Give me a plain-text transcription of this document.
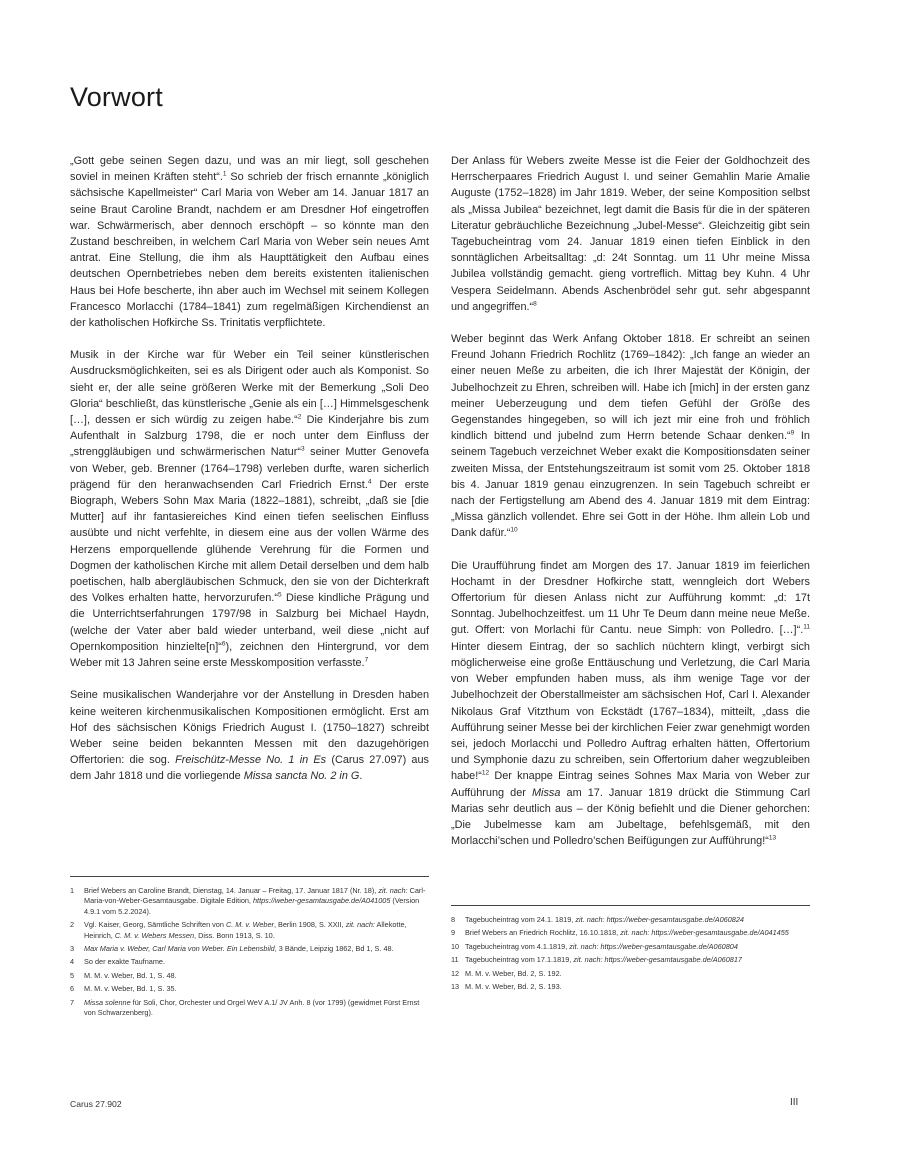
Vorwort

„Gott gebe seinen Segen dazu, und was an mir liegt, soll geschehen soviel in meinen Kräften steht“.$^1$ So schrieb der frisch ernannte „königlich sächsische Kapellmeister“ Carl Maria von Weber am 14. Januar 1817 an seine Braut Caroline Brandt, nachdem er am Dresdner Hof eingetroffen war. Schwärmerisch, aber dennoch erschöpft – so könnte man den Zustand beschreiben, in welchem Carl Maria von Weber sein neues Amt antrat. Eine Stellung, die ihm als Haupttätigkeit den Aufbau eines deutschen Opernbetriebes neben dem bereits existenten italienischen Haus bei Hofe bescherte, ihn aber auch im Wechsel mit seinem Kollegen Francesco Morlacchi (1784–1841) zum regelmäßigen Kirchendienst an der katholischen Hofkirche Ss. Trinitatis verpflichtete.

Musik in der Kirche war für Weber ein Teil seiner künstlerischen Ausdrucksmöglichkeiten, sei es als Dirigent oder auch als Komponist. So sieht er, der alle seine größeren Werke mit der Bemerkung „Soli Deo Gloria“ beschließt, das künstlerische „Genie als ein […] Himmelsgeschenk […], dessen er sich würdig zu zeigen habe.“$^2$ Die Kinderjahre bis zum Aufenthalt in Salzburg 1798, die er noch unter dem Einfluss der „strenggläubigen und schwärmerischen Natur“$^3$ seiner Mutter Genovefa von Weber, geb. Brenner (1764–1798) verleben durfte, waren sicherlich prägend für den heranwachsenden Carl Friedrich Ernst.$^4$ Der erste Biograph, Webers Sohn Max Maria (1822–1881), schreibt, „daß sie [die Mutter] auf ihr fantasiereiches Kind einen tiefen seelischen Einfluss ausübte und nicht verfehlte, in diesem eine aus der vollen Wärme des Herzens emporquellende glühende Verehrung für die Formen und Dogmen der katholischen Kirche mit allem Detail derselben und dem halb poetischen, halb abergläubischen Schmuck, den sie von der Dichterkraft des Volkes erhalten hatte, hervorzurufen.“$^5$ Diese kindliche Prägung und die Unterrichtserfahrungen 1797/98 in Salzburg bei Michael Haydn, (welche der Vater aber bald wieder unterband, weil diese „nicht auf Opernkomposition hinzielte[n]“$^6$), zeichnen den Hintergrund, vor dem Weber mit 13 Jahren seine erste Messkomposition verfasste.$^7$

Seine musikalischen Wanderjahre vor der Anstellung in Dresden haben keine weiteren kirchenmusikalischen Kompositionen ermöglicht. Erst am Hof des sächsischen Königs Friedrich August I. (1750–1827) schreibt Weber seine beiden bekannten Messen mit den dazugehörigen Offertorien: die sog. Freischütz-Messe No. 1 in Es (Carus 27.097) aus dem Jahr 1818 und die vorliegende Missa sancta No. 2 in G.

Der Anlass für Webers zweite Messe ist die Feier der Goldhochzeit des Herrscherpaares Friedrich August I. und seiner Gemahlin Marie Amalie Auguste (1752–1828) im Jahr 1819. Weber, der seine Komposition selbst als „Missa Jubilea“ bezeichnet, legt damit die Basis für die in der späteren Literatur gebräuchliche Bezeichnung „Jubel-Messe“. Gleichzeitig gibt sein Tagebucheintrag vom 24. Januar 1819 einen tiefen Einblick in den sonntäglichen Arbeitsalltag: „d: 24t Sonntag. um 11 Uhr meine Missa Jubilea vollständig gemacht. gieng vortreflich. Mittag bey Kuhn. 4 Uhr Vespera Seidelmann. Abends Aschenbrödel sehr gut. sehr abgespannt und angegriffen.“$^8$

Weber beginnt das Werk Anfang Oktober 1818. Er schreibt an seinen Freund Johann Friedrich Rochlitz (1769–1842): „Ich fange an wieder an einer neuen Meße zu arbeiten, die ich Ihrer Majestät der Königin, der Jubelhochzeit zu Ehren, schreiben will. Habe ich [mich] in der ersten ganz meiner Ueberzeugung und dem tiefen Gefühl der Größe des Gegenstandes hingegeben, so will ich jezt mir eine froh und fröhlich kindlich bittend und jubelnd zum Herrn betende Schaar denken.“$^9$ In seinem Tagebuch verzeichnet Weber exakt die Kompositionsdaten seiner zweiten Missa, der Entstehungszeitraum ist somit vom 25. Oktober 1818 bis 4. Januar 1819 genau einzugrenzen. In sein Tagebuch schreibt er nach der Fertigstellung am Abend des 4. Januar 1819 mit dem Eintrag: „Missa gänzlich vollendet. Ehre sei Gott in der Höhe. Ihm allein Lob und Dank dafür.“$^{10}$

Die Uraufführung findet am Morgen des 17. Januar 1819 im feierlichen Hochamt in der Dresdner Hofkirche statt, wenngleich dort Webers Offertorium für diesen Anlass nicht zur Aufführung kommt: „d: 17t Sonntag. Jubelhochzeitfest. um 11 Uhr Te Deum dann meine neue Meße. gut. Offert: von Morlachi für Cantu. neue Simph: von Polledro. […]“.$^{11}$ Hinter diesem Eintrag, der so sachlich nüchtern klingt, verbirgt sich möglicherweise eine große Enttäuschung und Verletzung, die Carl Maria von Weber empfunden haben muss, als ihm wenige Tage vor der Jubelhochzeit der Oberstallmeister am sächsischen Hof, Carl I. Alexander Nikolaus Graf Vitzthum von Eckstädt (1767–1834), mitteilt, „dass die Aufführung seiner Messe bei der kirchlichen Feier zwar genehmigt worden sei, jedoch Morlacchi und Polledro Auftrag erhalten hätten, Offertorium und Symphonie dazu zu schreiben, sein Offertorium daher wegzubleiben habe!“$^{12}$ Der knappe Eintrag seines Sohnes Max Maria von Weber zur Aufführung der Missa am 17. Januar 1819 drückt die Stimmung Carl Marias sehr deutlich aus – der König befiehlt und die Diener gehorchen: „Die Jubelmesse kam am Jubeltage, befehlsgemäß, mit den Morlacchi’schen und Polledro’schen Beifügungen zur Aufführung!“$^{13}$

1	Brief Webers an Caroline Brandt, Dienstag, 14. Januar – Freitag, 17. Januar 1817 (Nr. 18), zit. nach: Carl-Maria-von-Weber-Gesamtausgabe. Digitale Edition, https://weber-gesamtausgabe.de/A041005 (Version 4.9.1 vom 5.2.2024).
2	Vgl. Kaiser, Georg, Sämtliche Schriften von C. M. v. Weber, Berlin 1908, S. XXII, zit. nach: Allekotte, Heinrich, C. M. v. Webers Messen, Diss. Bonn 1913, S. 10.
3	Max Maria v. Weber, Carl Maria von Weber. Ein Lebensbild, 3 Bände, Leipzig 1862, Bd 1, S. 48.
4	So der exakte Taufname.
5	M. M. v. Weber, Bd. 1, S. 48.
6	M. M. v. Weber, Bd. 1, S. 35.
7	Missa solenne für Soli, Chor, Orchester und Orgel WeV A.1/ JV Anh. 8 (vor 1799) (gewidmet Fürst Ernst von Schwarzenberg).
8	Tagebucheintrag vom 24.1. 1819, zit. nach: https://weber-gesamtausgabe.de/A060824
9	Brief Webers an Friedrich Rochlitz, 16.10.1818, zit. nach: https://weber-gesamtausgabe.de/A041455
10 Tagebucheintrag vom 4.1.1819, zit. nach: https://weber-gesamtausgabe.de/A060804
11 Tagebucheintrag vom 17.1.1819, zit. nach: https://weber-gesamtausgabe.de/A060817
12 M. M. v. Weber, Bd. 2, S. 192.
13 M. M. v. Weber, Bd. 2, S. 193.
Carus 27.902	III
